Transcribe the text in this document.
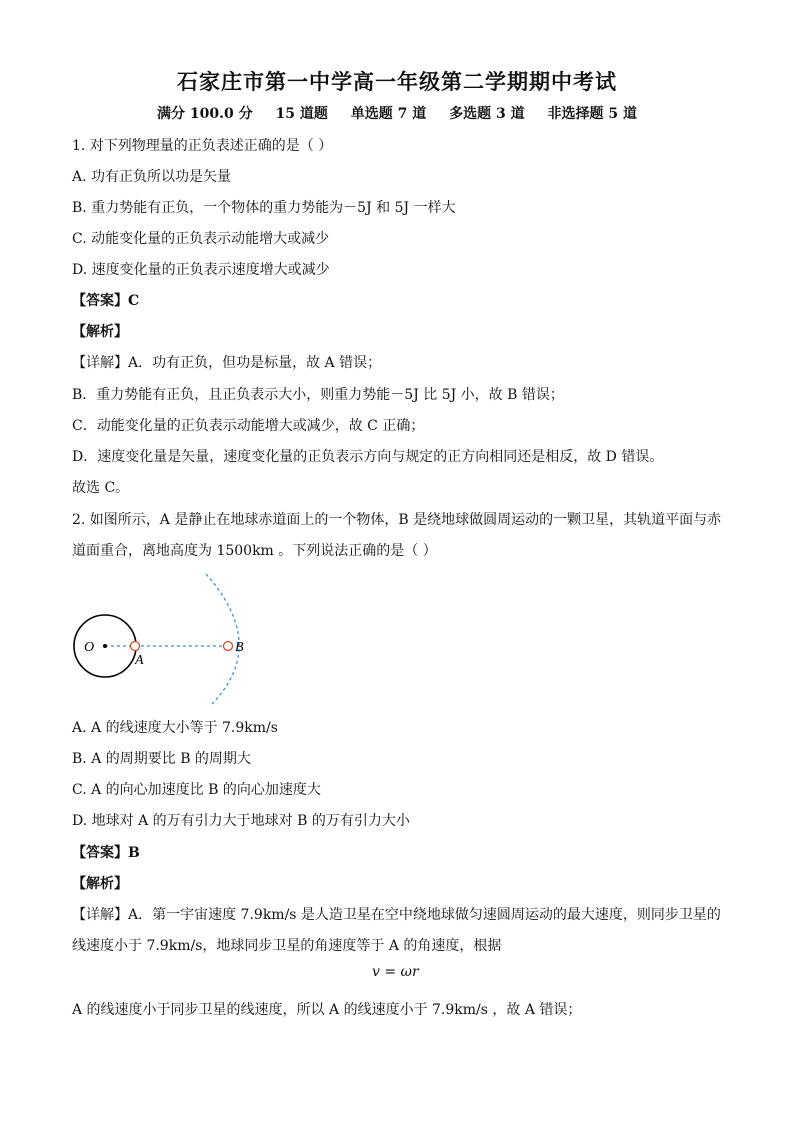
石家庄市第一中学高一年级第二学期期中考试
满分 100.0 分 15 道题 单选题 7 道 多选题 3 道 非选择题 5 道
1. 对下列物理量的正负表述正确的是（ ）
A. 功有正负所以功是矢量
B. 重力势能有正负，一个物体的重力势能为－5J 和 5J 一样大
C. 动能变化量的正负表示动能增大或减少
D. 速度变化量的正负表示速度增大或减少
【答案】C
【解析】
【详解】A．功有正负，但功是标量，故 A 错误；
B．重力势能有正负，且正负表示大小，则重力势能－5J 比 5J 小，故 B 错误；
C．动能变化量的正负表示动能增大或减少，故 C 正确；
D．速度变化量是矢量，速度变化量的正负表示方向与规定的正方向相同还是相反，故 D 错误。
故选 C。
2. 如图所示，A 是静止在地球赤道面上的一个物体，B 是绕地球做圆周运动的一颗卫星，其轨道平面与赤
道面重合，离地高度为 1500km 。下列说法正确的是（ ）
O
A
B
A. A 的线速度大小等于 7.9km/s
B. A 的周期要比 B 的周期大
C. A 的向心加速度比 B 的向心加速度大
D. 地球对 A 的万有引力大于地球对 B 的万有引力大小
【答案】B
【解析】
【详解】A．第一宇宙速度 7.9km/s 是人造卫星在空中绕地球做匀速圆周运动的最大速度，则同步卫星的
线速度小于 7.9km/s，地球同步卫星的角速度等于 A 的角速度，根据
v = ωr
A 的线速度小于同步卫星的线速度，所以 A 的线速度小于 7.9km/s ，故 A 错误；
